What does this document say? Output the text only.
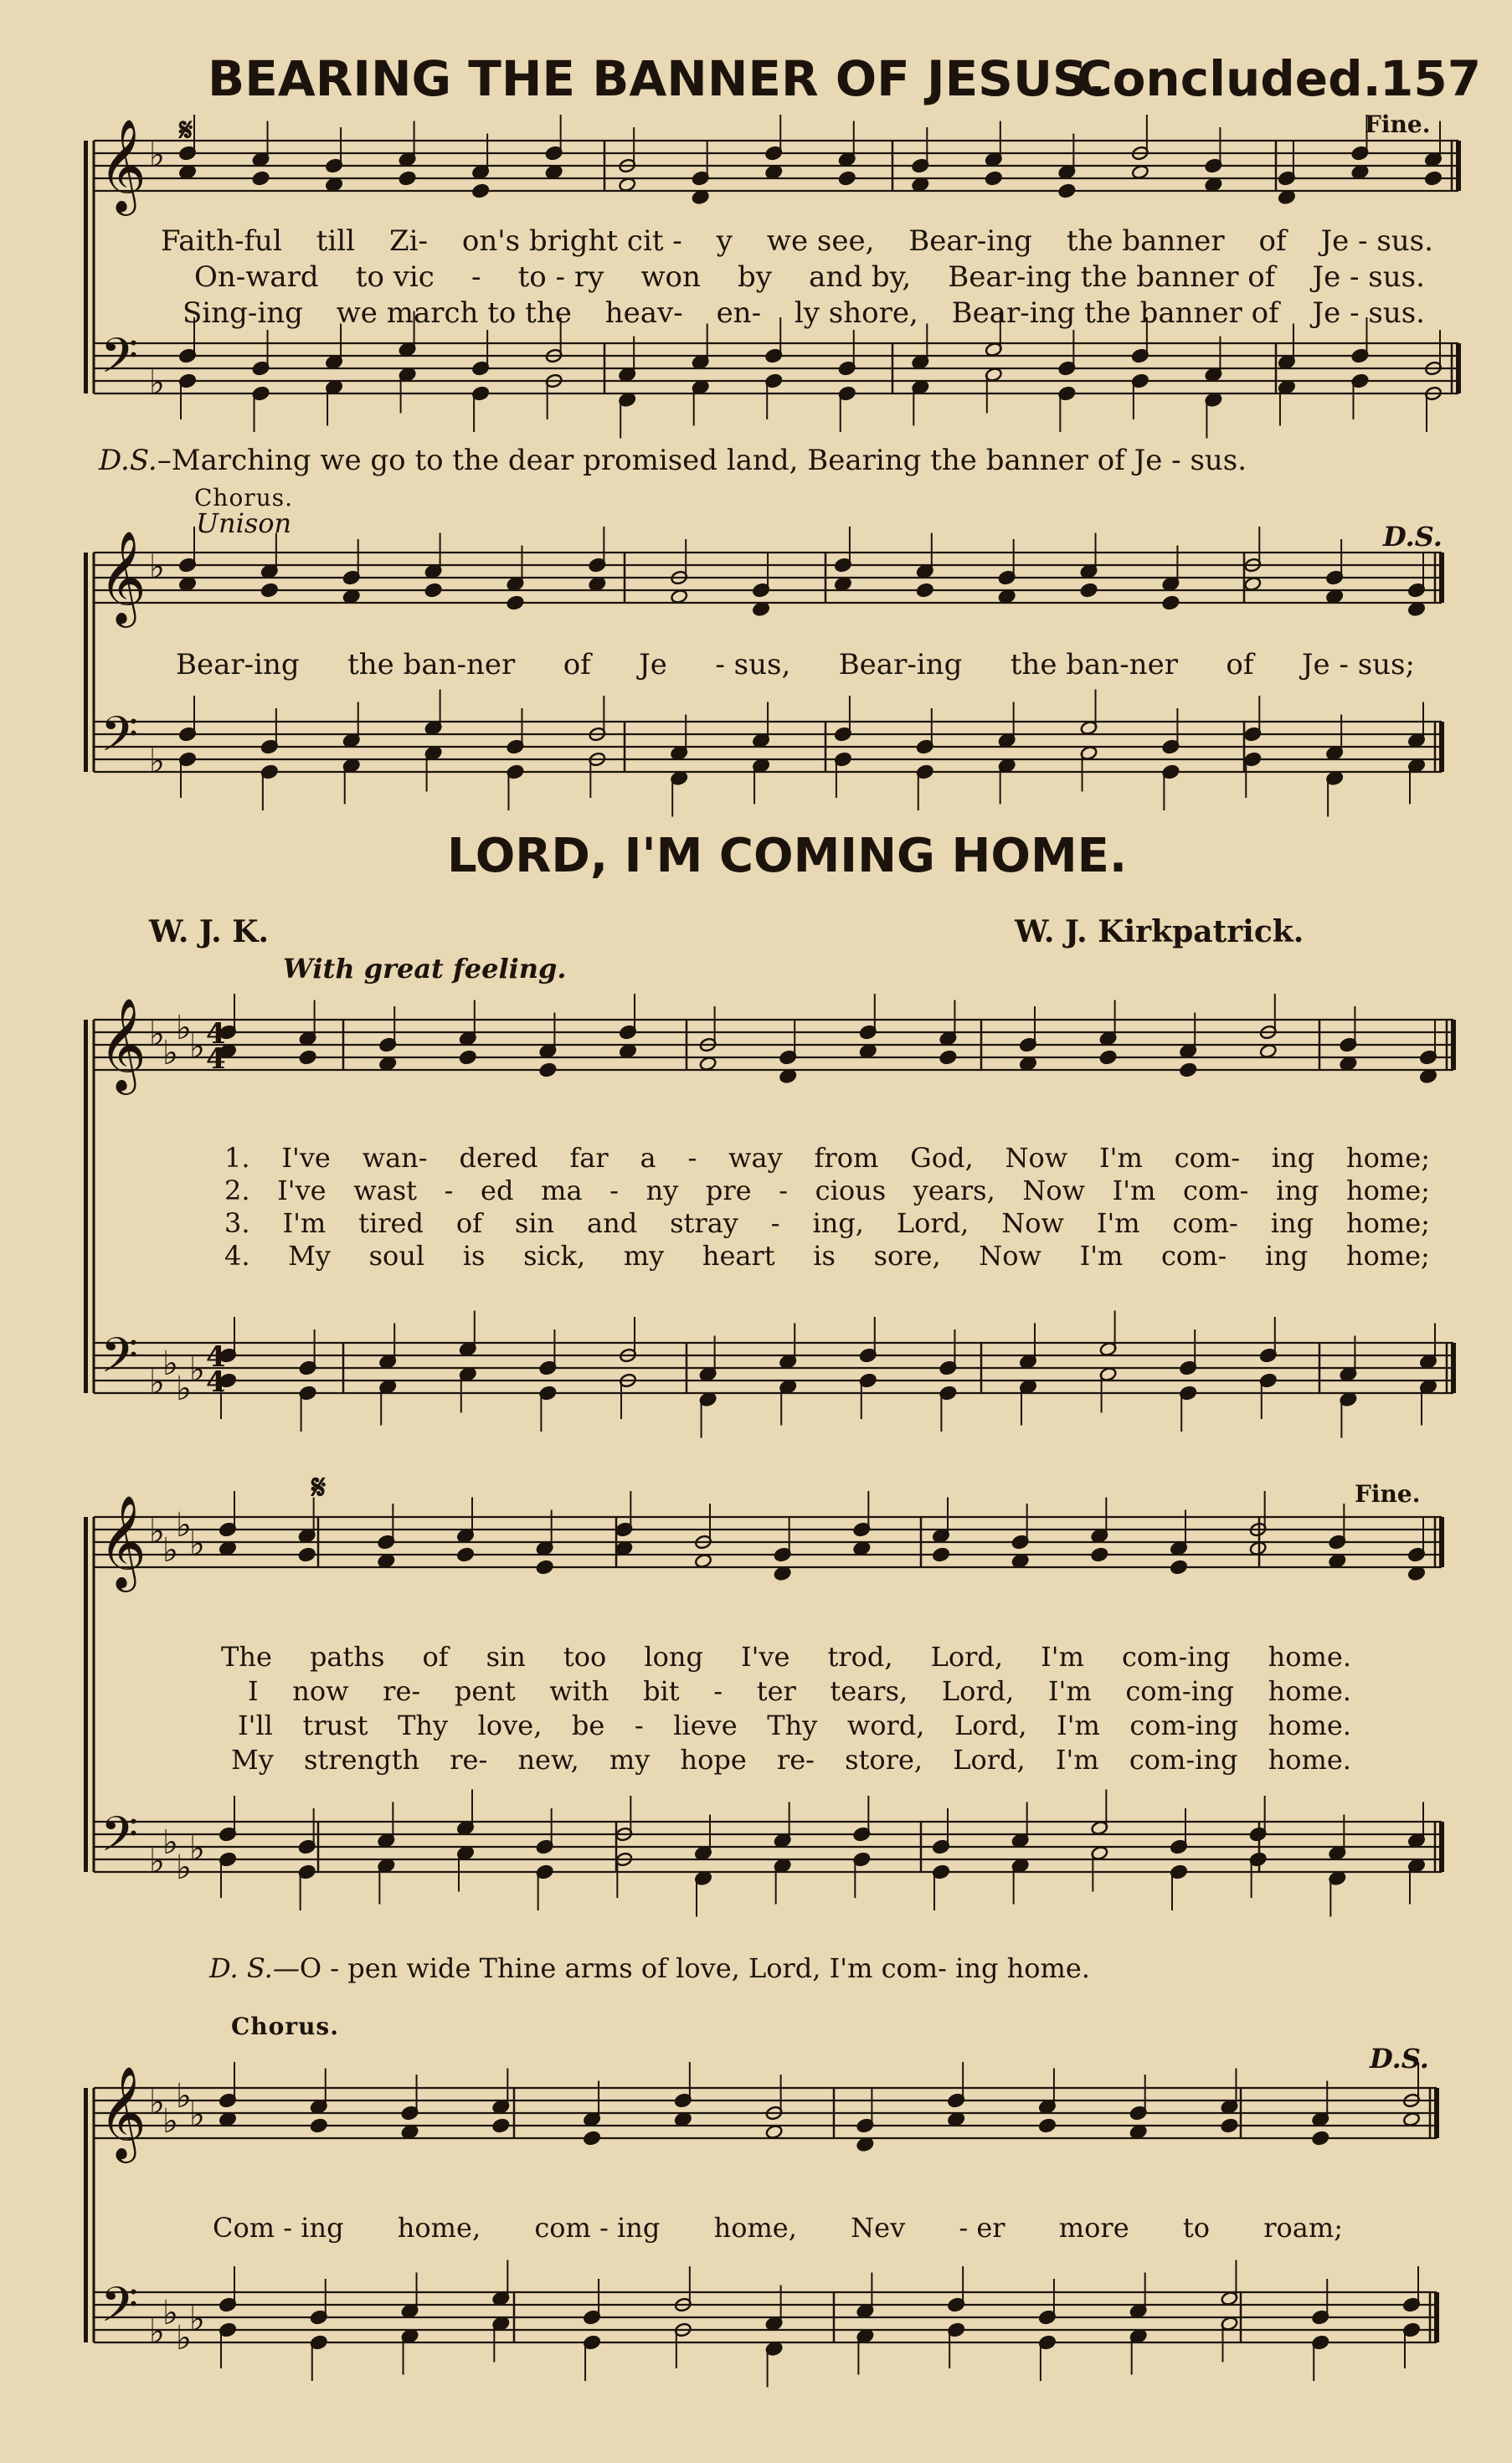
𝄞
𝄢
♭
♭
𝄋
𝄞
𝄢
♭
♭
𝄞
𝄢
♭
♭
♭
♭
♭
♭
♭
♭
4
4
4
4
𝄞
𝄢
♭
♭
♭
♭
♭
♭
♭
♭
𝄋
𝄞
𝄢
♭
♭
♭
♭
♭
♭
♭
♭
BEARING THE BANNER OF JESUS.
Concluded.
157
Fine.
Faith-ful till Zi- on's bright cit - y we see, Bear-ing the banner of Je - sus.
On-ward to vic - to - ry won by and by, Bear-ing the banner of Je - sus.
Sing-ing we march to the heav- en- ly shore, Bear-ing the banner of Je - sus.
D.S.–Marching we go to the dear promised land, Bearing the banner of Je - sus.
Chorus.
Unison	D.S.
Bear-ing the ban-ner of Je - sus, Bear-ing the ban-ner of Je - sus;
LORD, I'M COMING HOME.
W. J. K.	W. J. Kirkpatrick.
With great feeling.
1. I've wan- dered far a - way from God, Now I'm com- ing home;
2. I've wast - ed ma - ny pre - cious years, Now I'm com- ing home;
3. I'm tired of sin and stray - ing, Lord, Now I'm com- ing home;
4. My soul is sick, my heart is sore, Now I'm com- ing home;
Fine.
The paths of sin too long I've trod, Lord, I'm com-ing home.
I now re- pent with bit - ter tears, Lord, I'm com-ing home.
I'll trust Thy love, be - lieve Thy word, Lord, I'm com-ing home.
My strength re- new, my hope re- store, Lord, I'm com-ing home.
D. S.—O - pen wide Thine arms of love, Lord, I'm com- ing home.
Chorus.
D.S.
Com - ing home, com - ing home, Nev - er more to roam;
